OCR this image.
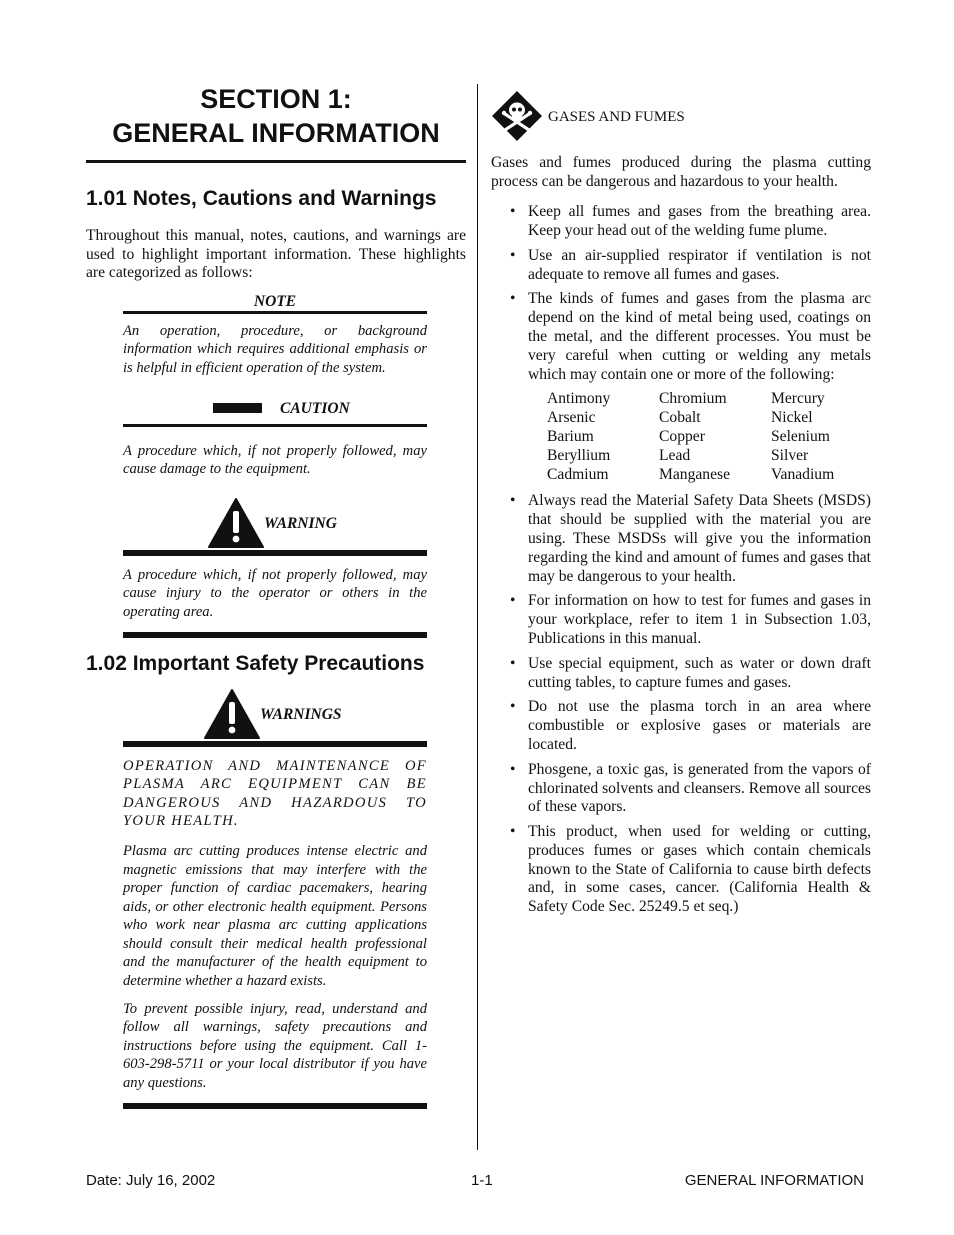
SECTION 1:
GENERAL INFORMATION
1.01 Notes, Cautions and Warnings

Throughout this manual, notes, cautions, and warnings are used to highlight important information. These highlights are categorized as follows:

NOTE

An operation, procedure, or background information which requires additional emphasis or is helpful in efficient operation of the system.

CAUTION

A procedure which, if not properly followed, may cause damage to the equipment.

WARNING

A procedure which, if not properly followed, may cause injury to the operator or others in the operating area.

1.02 Important Safety Precautions
WARNINGS

OPERATION AND MAINTENANCE OF PLASMA ARC EQUIPMENT CAN BE DANGEROUS AND HAZARDOUS TO YOUR HEALTH.

Plasma arc cutting produces intense electric and magnetic emissions that may interfere with the proper function of cardiac pacemakers, hearing aids, or other electronic health equipment. Persons who work near plasma arc cutting applications should consult their medical health professional and the manufacturer of the health equipment to determine whether a hazard exists.

To prevent possible injury, read, understand and follow all warnings, safety precautions and instructions before using the equipment. Call 1-603-298-5711 or your local distributor if you have any questions.

GASES AND FUMES

Gases and fumes produced during the plasma cutting process can be dangerous and hazardous to your health.

• Keep all fumes and gases from the breathing area. Keep your head out of the welding fume plume.
• Use an air-supplied respirator if ventilation is not adequate to remove all fumes and gases.
• The kinds of fumes and gases from the plasma arc depend on the kind of metal being used, coatings on the metal, and the different processes. You must be very careful when cutting or welding any metals which may contain one or more of the following:
Antimony	Chromium	Mercury
Arsenic	Cobalt	Nickel
Barium	Copper	Selenium
Beryllium	Lead	Silver
Cadmium	Manganese	Vanadium
• Always read the Material Safety Data Sheets (MSDS) that should be supplied with the material you are using. These MSDSs will give you the information regarding the kind and amount of fumes and gases that may be dangerous to your health.
• For information on how to test for fumes and gases in your workplace, refer to item 1 in Subsection 1.03, Publications in this manual.
• Use special equipment, such as water or down draft cutting tables, to capture fumes and gases.
• Do not use the plasma torch in an area where combustible or explosive gases or materials are located.
• Phosgene, a toxic gas, is generated from the vapors of chlorinated solvents and cleansers. Remove all sources of these vapors.
• This product, when used for welding or cutting, produces fumes or gases which contain chemicals known to the State of California to cause birth defects and, in some cases, cancer. (California Health & Safety Code Sec. 25249.5 et seq.)
Date: July 16, 2002	1-1	GENERAL INFORMATION
